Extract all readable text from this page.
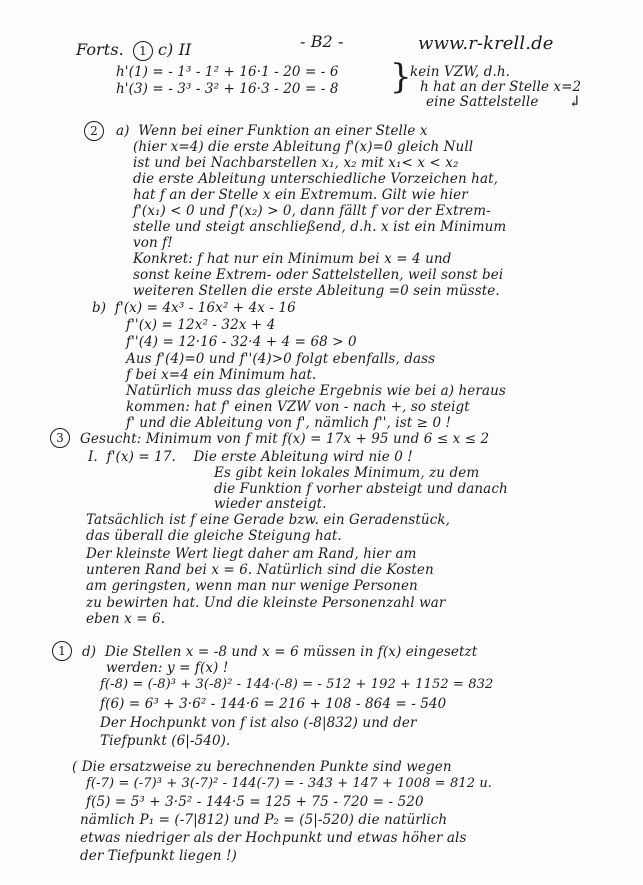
Forts.	1 c) II	- B2 -	www.r-krell.de
h'(1) = - 1³ - 1² + 16·1 - 20 = - 6
h'(3) = - 3³ - 3² + 16·3 - 20 = - 8 }
kein VZW, d.h.
h hat an der Stelle x=2
eine Sattelstelle ↲
2	a)  Wenn bei einer Funktion an einer Stelle x
(hier x=4) die erste Ableitung f'(x)=0 gleich Null
ist und bei Nachbarstellen x₁, x₂ mit x₁< x < x₂
die erste Ableitung unterschiedliche Vorzeichen hat,
hat f an der Stelle x ein Extremum. Gilt wie hier
f'(x₁) < 0 und f'(x₂) > 0, dann fällt f vor der Extrem-
stelle und steigt anschließend, d.h. x ist ein Minimum
von f!
Konkret: f hat nur ein Minimum bei x = 4 und
sonst keine Extrem- oder Sattelstellen, weil sonst bei
weiteren Stellen die erste Ableitung =0 sein müsste.
b)  f'(x) = 4x³ - 16x² + 4x - 16
f''(x) = 12x² - 32x + 4
f''(4) = 12·16 - 32·4 + 4 = 68 > 0
Aus f'(4)=0 und f''(4)>0 folgt ebenfalls, dass
f bei x=4 ein Minimum hat.
Natürlich muss das gleiche Ergebnis wie bei a) heraus
kommen: hat f' einen VZW von - nach +, so steigt
f' und die Ableitung von f', nämlich f'', ist ≥ 0 !
3	Gesucht: Minimum von f mit f(x) = 17x + 95 und 6 ≤ x ≤ 2
I.  f'(x) = 17.    Die erste Ableitung wird nie 0 !
Es gibt kein lokales Minimum, zu dem
die Funktion f vorher absteigt und danach
wieder ansteigt.
Tatsächlich ist f eine Gerade bzw. ein Geradenstück,
das überall die gleiche Steigung hat.
Der kleinste Wert liegt daher am Rand, hier am
unteren Rand bei x = 6. Natürlich sind die Kosten
am geringsten, wenn man nur wenige Personen
zu bewirten hat. Und die kleinste Personenzahl war
eben x = 6.
1	d)  Die Stellen x = -8 und x = 6 müssen in f(x) eingesetzt
werden: y = f(x) !
f(-8) = (-8)³ + 3(-8)² - 144·(-8) = - 512 + 192 + 1152 = 832
f(6) = 6³ + 3·6² - 144·6 = 216 + 108 - 864 = - 540
Der Hochpunkt von f ist also (-8|832) und der
Tiefpunkt (6|-540).
( Die ersatzweise zu berechnenden Punkte sind wegen
f(-7) = (-7)³ + 3(-7)² - 144(-7) = - 343 + 147 + 1008 = 812 u.
f(5) = 5³ + 3·5² - 144·5 = 125 + 75 - 720 = - 520
nämlich P₁ = (-7|812) und P₂ = (5|-520) die natürlich
etwas niedriger als der Hochpunkt und etwas höher als
der Tiefpunkt liegen !)
